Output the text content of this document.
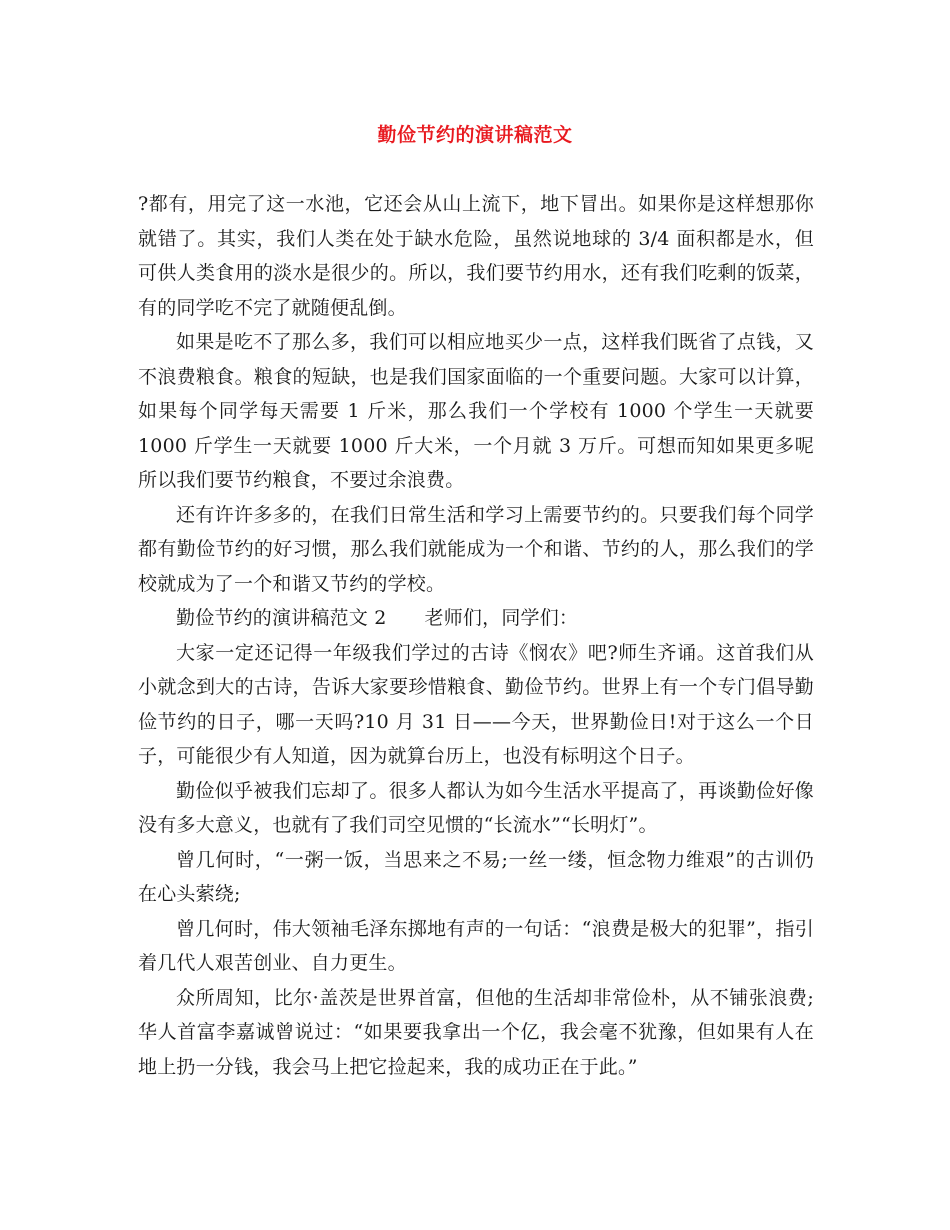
勤俭节约的演讲稿范文

?都有，用完了这一水池，它还会从山上流下，地下冒出。如果你是这样想那你就错了。其实，我们人类在处于缺水危险，虽然说地球的 3/4 面积都是水，但可供人类食用的淡水是很少的。所以，我们要节约用水，还有我们吃剩的饭菜，有的同学吃不完了就随便乱倒。

如果是吃不了那么多，我们可以相应地买少一点，这样我们既省了点钱，又不浪费粮食。粮食的短缺，也是我们国家面临的一个重要问题。大家可以计算，如果每个同学每天需要 1 斤米，那么我们一个学校有 1000 个学生一天就要 1000 斤学生一天就要 1000 斤大米，一个月就 3 万斤。可想而知如果更多呢所以我们要节约粮食，不要过余浪费。

还有许许多多的，在我们日常生活和学习上需要节约的。只要我们每个同学都有勤俭节约的好习惯，那么我们就能成为一个和谐、节约的人，那么我们的学校就成为了一个和谐又节约的学校。

勤俭节约的演讲稿范文 2 老师们，同学们：

大家一定还记得一年级我们学过的古诗《悯农》吧?师生齐诵。这首我们从小就念到大的古诗，告诉大家要珍惜粮食、勤俭节约。世界上有一个专门倡导勤俭节约的日子，哪一天吗?10 月 31 日——今天，世界勤俭日!对于这么一个日子，可能很少有人知道，因为就算台历上，也没有标明这个日子。

勤俭似乎被我们忘却了。很多人都认为如今生活水平提高了，再谈勤俭好像没有多大意义，也就有了我们司空见惯的“长流水”“长明灯”。

曾几何时，“一粥一饭，当思来之不易;一丝一缕，恒念物力维艰”的古训仍在心头萦绕;

曾几何时，伟大领袖毛泽东掷地有声的一句话：“浪费是极大的犯罪”，指引着几代人艰苦创业、自力更生。

众所周知，比尔·盖茨是世界首富，但他的生活却非常俭朴，从不铺张浪费;华人首富李嘉诚曾说过：“如果要我拿出一个亿，我会毫不犹豫，但如果有人在地上扔一分钱，我会马上把它捡起来，我的成功正在于此。”
